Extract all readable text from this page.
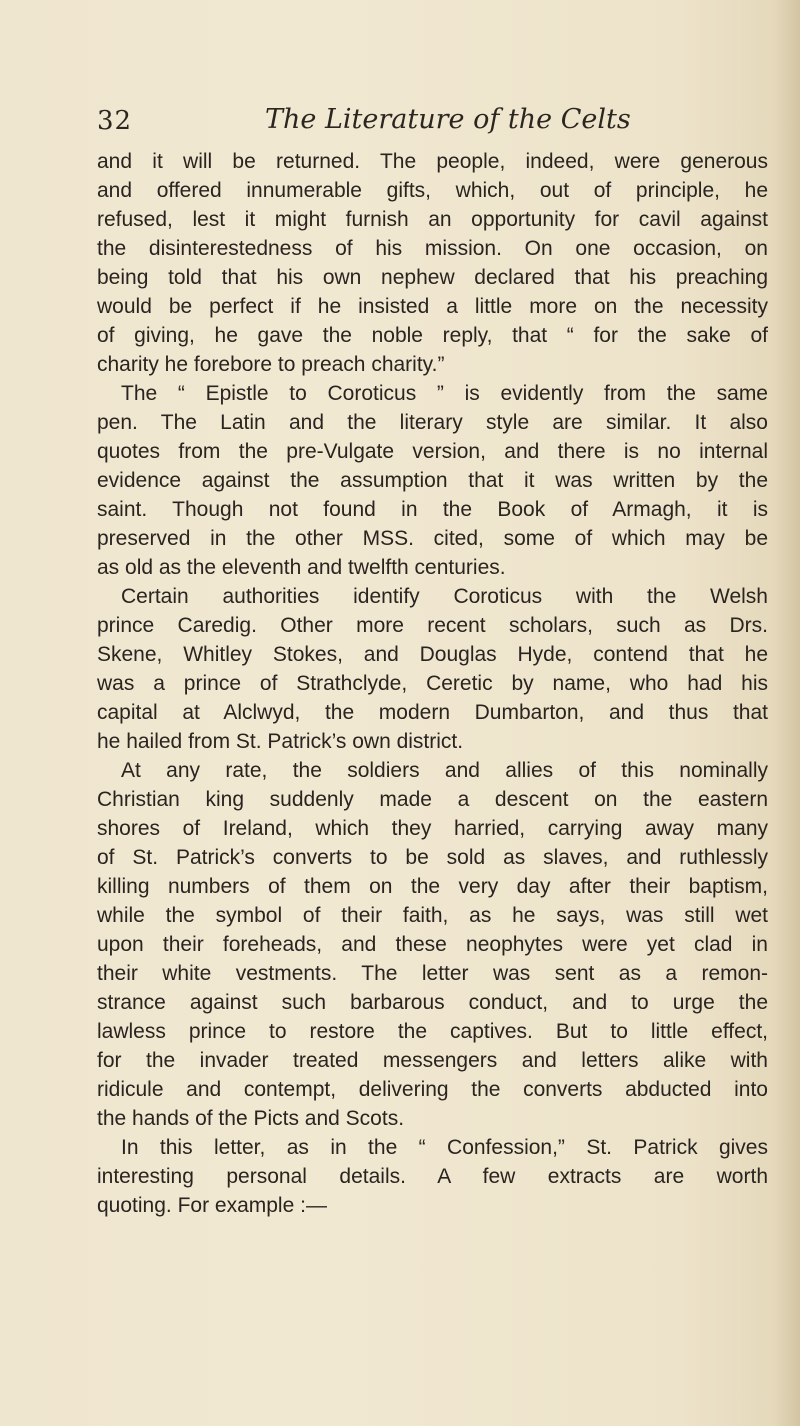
32	The Literature of the Celts
and it will be returned. The people, indeed, were generous
and offered innumerable gifts, which, out of principle, he
refused, lest it might furnish an opportunity for cavil against
the disinterestedness of his mission. On one occasion, on
being told that his own nephew declared that his preaching
would be perfect if he insisted a little more on the necessity
of giving, he gave the noble reply, that “ for the sake of
charity he forebore to preach charity.”
The “ Epistle to Coroticus ” is evidently from the same
pen. The Latin and the literary style are similar. It also
quotes from the pre-Vulgate version, and there is no internal
evidence against the assumption that it was written by the
saint. Though not found in the Book of Armagh, it is
preserved in the other MSS. cited, some of which may be
as old as the eleventh and twelfth centuries.
Certain authorities identify Coroticus with the Welsh
prince Caredig. Other more recent scholars, such as Drs.
Skene, Whitley Stokes, and Douglas Hyde, contend that he
was a prince of Strathclyde, Ceretic by name, who had his
capital at Alclwyd, the modern Dumbarton, and thus that
he hailed from St. Patrick’s own district.
At any rate, the soldiers and allies of this nominally
Christian king suddenly made a descent on the eastern
shores of Ireland, which they harried, carrying away many
of St. Patrick’s converts to be sold as slaves, and ruthlessly
killing numbers of them on the very day after their baptism,
while the symbol of their faith, as he says, was still wet
upon their foreheads, and these neophytes were yet clad in
their white vestments. The letter was sent as a remon-
strance against such barbarous conduct, and to urge the
lawless prince to restore the captives. But to little effect,
for the invader treated messengers and letters alike with
ridicule and contempt, delivering the converts abducted into
the hands of the Picts and Scots.
In this letter, as in the “ Confession,” St. Patrick gives
interesting personal details. A few extracts are worth
quoting. For example :—
